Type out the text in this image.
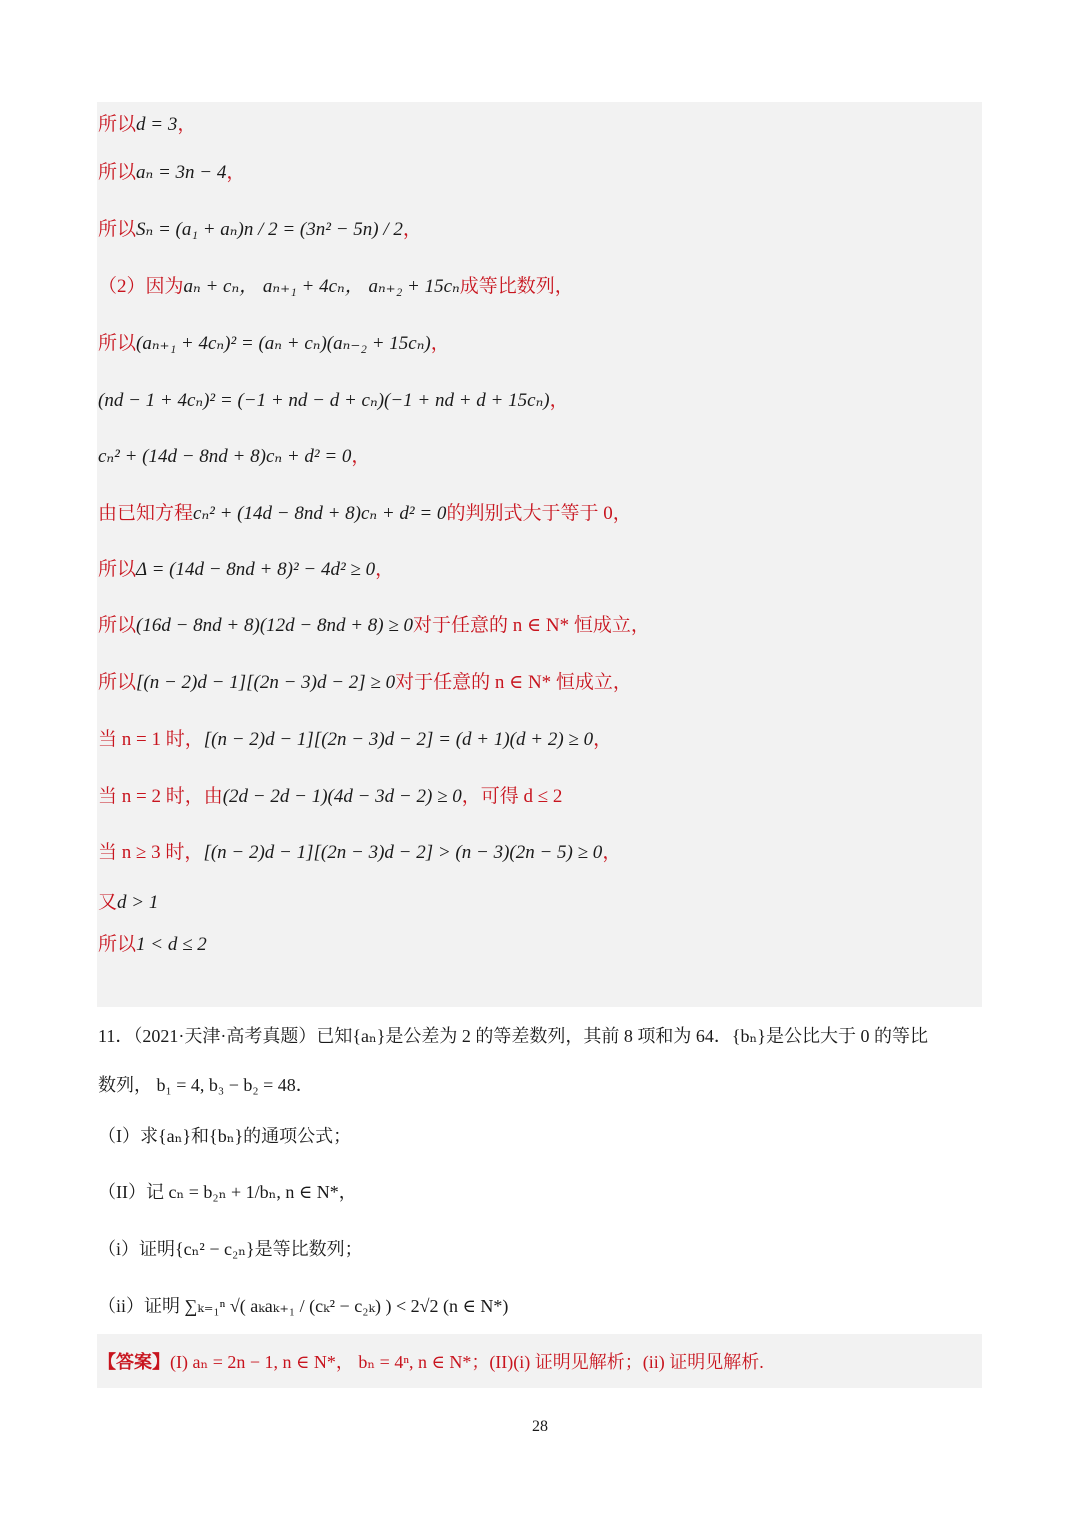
所以d = 3，
所以aₙ = 3n − 4，
所以Sₙ = (a₁ + aₙ)n / 2 = (3n² − 5n) / 2，
（2）因为aₙ + cₙ， aₙ₊₁ + 4cₙ， aₙ₊₂ + 15cₙ成等比数列，
所以(aₙ₊₁ + 4cₙ)² = (aₙ + cₙ)(aₙ₋₂ + 15cₙ)，
(nd − 1 + 4cₙ)² = (−1 + nd − d + cₙ)(−1 + nd + d + 15cₙ)，
cₙ² + (14d − 8nd + 8)cₙ + d² = 0，
由已知方程cₙ² + (14d − 8nd + 8)cₙ + d² = 0的判别式大于等于 0，
所以Δ = (14d − 8nd + 8)² − 4d² ≥ 0，
所以(16d − 8nd + 8)(12d − 8nd + 8) ≥ 0对于任意的 n ∈ N* 恒成立，
所以[(n − 2)d − 1][(2n − 3)d − 2] ≥ 0对于任意的 n ∈ N* 恒成立，
当 n = 1 时，[(n − 2)d − 1][(2n − 3)d − 2] = (d + 1)(d + 2) ≥ 0，
当 n = 2 时，由(2d − 2d − 1)(4d − 3d − 2) ≥ 0，可得 d ≤ 2
当 n ≥ 3 时，[(n − 2)d − 1][(2n − 3)d − 2] > (n − 3)(2n − 5) ≥ 0，
又d > 1
所以1 < d ≤ 2
11．（2021·天津·高考真题）已知{aₙ}是公差为 2 的等差数列，其前 8 项和为 64．{bₙ}是公比大于 0 的等比
数列， b₁ = 4, b₃ − b₂ = 48．
（I）求{aₙ}和{bₙ}的通项公式；
（II）记 cₙ = b₂ₙ + 1/bₙ, n ∈ N*，
（i）证明{cₙ² − c₂ₙ}是等比数列；
（ii）证明 ∑ₖ₌₁ⁿ √( aₖaₖ₊₁ / (cₖ² − c₂ₖ) ) < 2√2 (n ∈ N*)
【答案】(I) aₙ = 2n − 1, n ∈ N*， bₙ = 4ⁿ, n ∈ N*；(II)(i) 证明见解析；(ii) 证明见解析.
28
